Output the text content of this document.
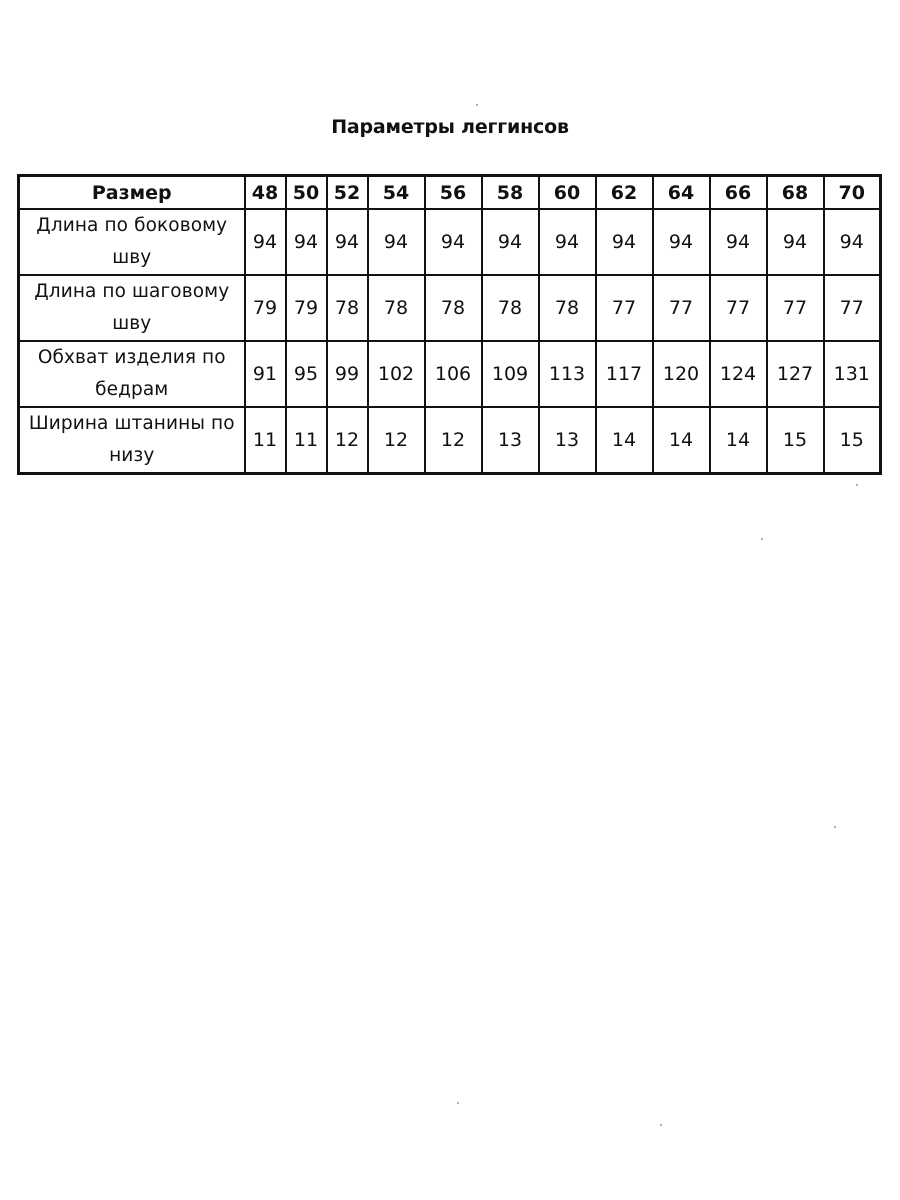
Параметры леггинсов
Размер	48	50	52	54	56	58	60	62	64	66	68	70
Длина по боковому шву	94	94	94	94	94	94	94	94	94	94	94	94
Длина по шаговому шву	79	79	78	78	78	78	78	77	77	77	77	77
Обхват изделия по бедрам	91	95	99	102	106	109	113	117	120	124	127	131
Ширина штанины по низу	11	11	12	12	12	13	13	14	14	14	15	15
